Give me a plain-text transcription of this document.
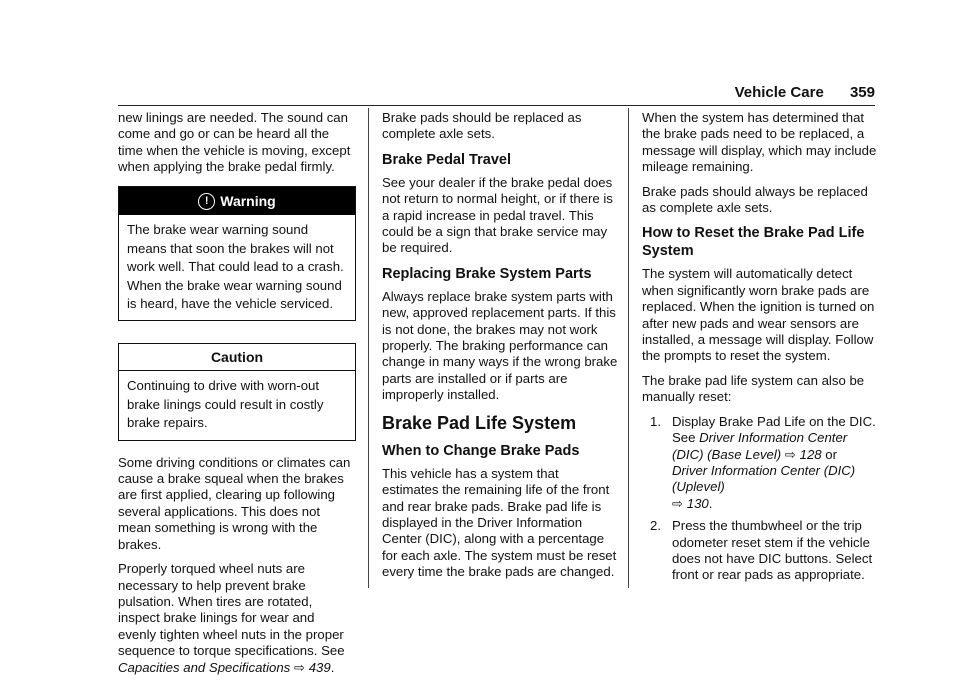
Vehicle Care 359

new linings are needed. The sound can come and go or can be heard all the time when the vehicle is moving, except when applying the brake pedal firmly.

! Warning
The brake wear warning sound means that soon the brakes will not work well. That could lead to a crash. When the brake wear warning sound is heard, have the vehicle serviced.
Caution
Continuing to drive with worn-out brake linings could result in costly brake repairs.

Some driving conditions or climates can cause a brake squeal when the brakes are first applied, clearing up following several applications. This does not mean something is wrong with the brakes.

Properly torqued wheel nuts are necessary to help prevent brake pulsation. When tires are rotated, inspect brake linings for wear and evenly tighten wheel nuts in the proper sequence to torque specifications. See Capacities and Specifications ⇨ 439.

Brake pads should be replaced as complete axle sets.

Brake Pedal Travel

See your dealer if the brake pedal does not return to normal height, or if there is a rapid increase in pedal travel. This could be a sign that brake service may be required.

Replacing Brake System Parts

Always replace brake system parts with new, approved replacement parts. If this is not done, the brakes may not work properly. The braking performance can change in many ways if the wrong brake parts are installed or if parts are improperly installed.

Brake Pad Life System
When to Change Brake Pads

This vehicle has a system that estimates the remaining life of the front and rear brake pads. Brake pad life is displayed in the Driver Information Center (DIC), along with a percentage for each axle. The system must be reset every time the brake pads are changed.

When the system has determined that the brake pads need to be replaced, a message will display, which may include mileage remaining.

Brake pads should always be replaced as complete axle sets.

How to Reset the Brake Pad Life System

The system will automatically detect when significantly worn brake pads are replaced. When the ignition is turned on after new pads and wear sensors are installed, a message will display. Follow the prompts to reset the system.

The brake pad life system can also be manually reset:

1. Display Brake Pad Life on the DIC. See Driver Information Center (DIC) (Base Level) ⇨ 128 or
Driver Information Center (DIC) (Uplevel)
⇨ 130.
2. Press the thumbwheel or the trip odometer reset stem if the vehicle does not have DIC buttons. Select front or rear pads as appropriate.
